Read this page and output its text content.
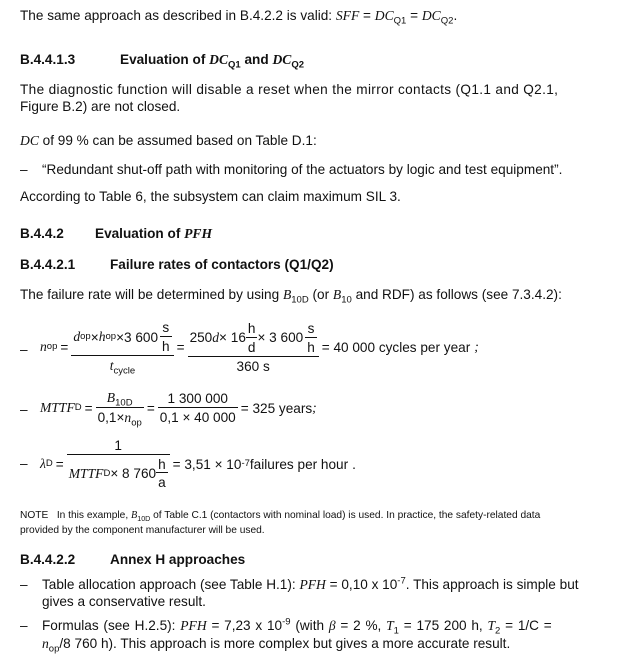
The same approach as described in B.4.2.2 is valid: SFF = $DC_{Q1} = DC_{Q2}$.
B.4.4.1.3	Evaluation of $DC_{Q1}$ and $DC_{Q2}$
The diagnostic function will disable a reset when the mirror contacts (Q1.1 and Q2.1,
Figure B.2) are not closed.
DC of 99 % can be assumed based on Table D.1:
– “Redundant shut-off path with monitoring of the actuators by logic and test equipment”.
According to Table 6, the subsystem can claim maximum SIL 3.
B.4.4.2 Evaluation of PFH
B.4.4.2.1	Failure rates of contactors (Q1/Q2)
The failure rate will be determined by using $B_{10D}$ (or $B_{10}$ and RDF) as follows (see 7.3.4.2):
– n op = $\frac{d op \times h op \times 3 600 \frac{s}{h}}{t_{cycle}} = \frac{250 d \times 16 \frac{h}{d} \times 3 600 \frac{s}{h}}{360 s} = 40$ 000 cycles per year ;
– MTTF $D = \frac{B_{10D}}{0,1\times n_{op}} = \frac{1 300 000}{0,1 \times 40 000} = 325$ years ;
– λ $D = \frac{1}{MTTF D \times 8 760 \frac{h}{a}} = 3,51 \times 10$ -7 failures per hour .
NOTE In this example, $B_{10D}$ of Table C.1 (contactors with nominal load) is used. In practice, the safety-related data
provided by the component manufacturer will be used.
B.4.4.2.2	Annex H approaches
– Table allocation approach (see Table H.1): PFH = 0,10 x $10^{-7}$. This approach is simple but
gives a conservative result.
– Formulas (see H.2.5): PFH = 7,23 x $10^{-9}$ (with β = 2 %, $T_1 = 175$ 200 h, $T_2 = 1/C$ =
$n_{op}/8$ 760 h). This approach is more complex but gives a more accurate result.
